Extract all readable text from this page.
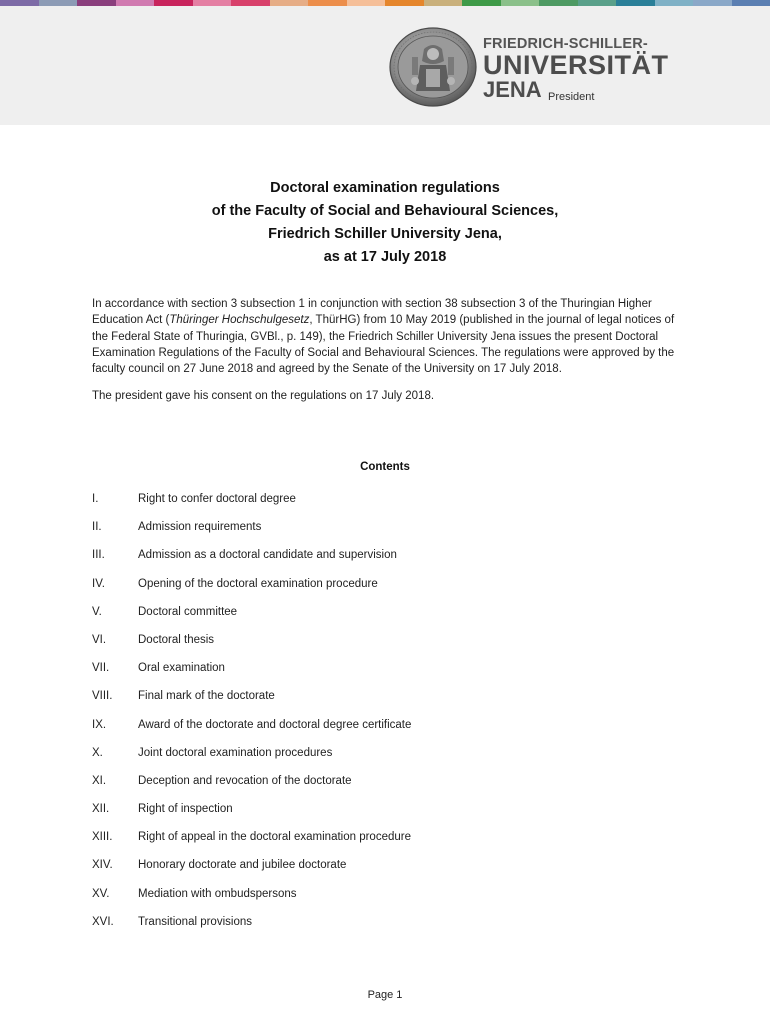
FRIEDRICH-SCHILLER-
UNIVERSITÄT
JENA President
Doctoral examination regulations
of the Faculty of Social and Behavioural Sciences,
Friedrich Schiller University Jena,
as at 17 July 2018

In accordance with section 3 subsection 1 in conjunction with section 38 subsection 3 of the Thuringian Higher Education Act (Thüringer Hochschulgesetz, ThürHG) from 10 May 2019 (published in the journal of legal notices of the Federal State of Thuringia, GVBl., p. 149), the Friedrich Schiller University Jena issues the present Doctoral Examination Regulations of the Faculty of Social and Behavioural Sciences. The regulations were approved by the faculty council on 27 June 2018 and agreed by the Senate of the University on 17 July 2018.

The president gave his consent on the regulations on 17 July 2018.

Contents
I.	Right to confer doctoral degree
II.	Admission requirements
III.	Admission as a doctoral candidate and supervision
IV.	Opening of the doctoral examination procedure
V.	Doctoral committee
VI.	Doctoral thesis
VII.	Oral examination
VIII.	Final mark of the doctorate
IX.	Award of the doctorate and doctoral degree certificate
X.	Joint doctoral examination procedures
XI.	Deception and revocation of the doctorate
XII.	Right of inspection
XIII.	Right of appeal in the doctoral examination procedure
XIV.	Honorary doctorate and jubilee doctorate
XV.	Mediation with ombudspersons
XVI.	Transitional provisions
Page 1
